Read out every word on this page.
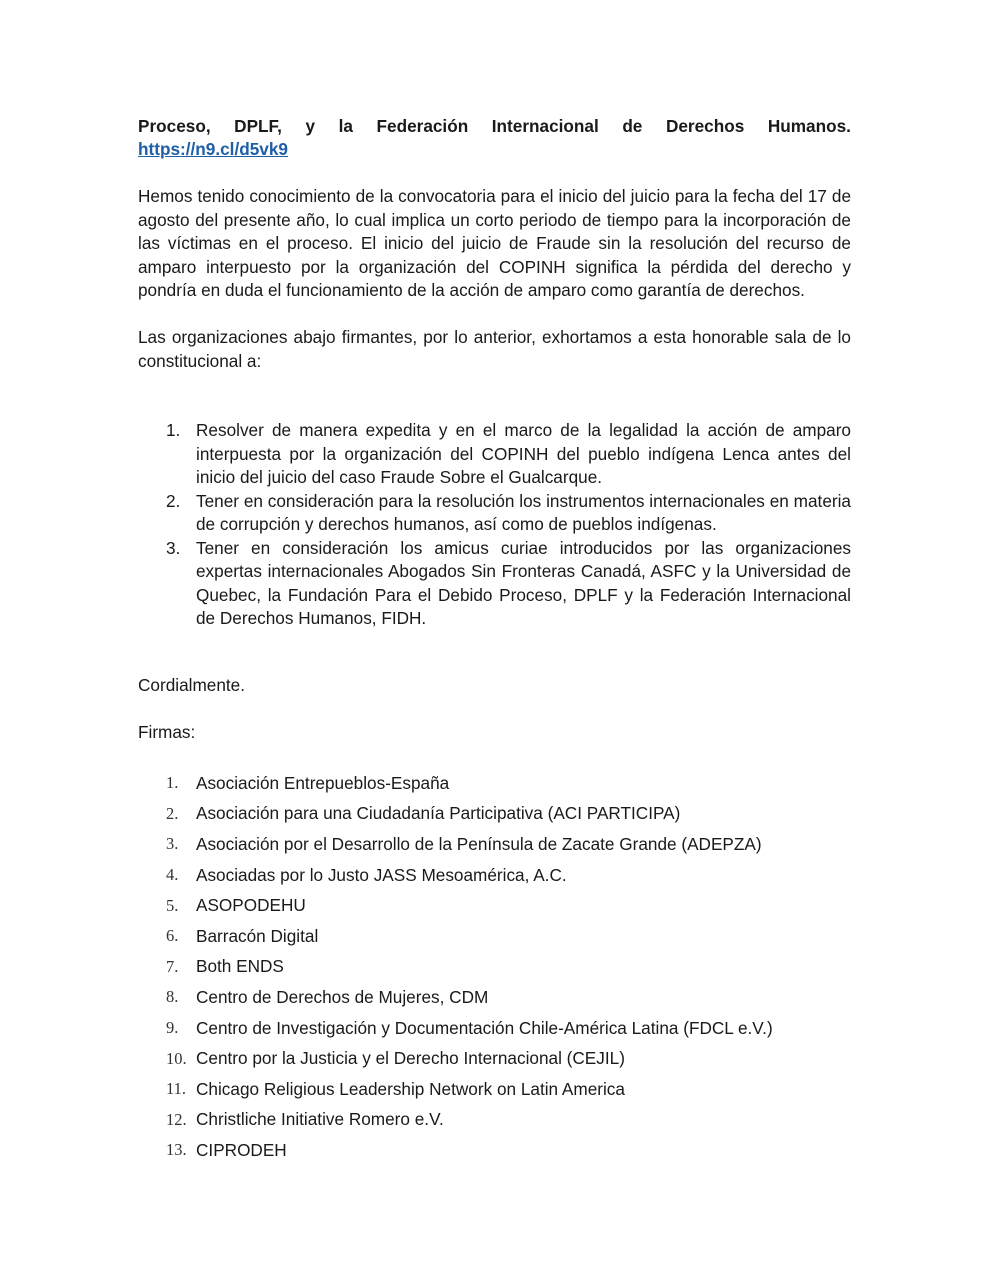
Proceso, DPLF, y la Federación Internacional de Derechos Humanos.
https://n9.cl/d5vk9

Hemos tenido conocimiento de la convocatoria para el inicio del juicio para la fecha del 17 de agosto del presente año, lo cual implica un corto periodo de tiempo para la incorporación de las víctimas en el proceso. El inicio del juicio de Fraude sin la resolución del recurso de amparo interpuesto por la organización del COPINH significa la pérdida del derecho y pondría en duda el funcionamiento de la acción de amparo como garantía de derechos.

Las organizaciones abajo firmantes, por lo anterior, exhortamos a esta honorable sala de lo constitucional a:

1. Resolver de manera expedita y en el marco de la legalidad la acción de amparo interpuesta por la organización del COPINH del pueblo indígena Lenca antes del inicio del juicio del caso Fraude Sobre el Gualcarque.
2. Tener en consideración para la resolución los instrumentos internacionales en materia de corrupción y derechos humanos, así como de pueblos indígenas.
3. Tener en consideración los amicus curiae introducidos por las organizaciones expertas internacionales Abogados Sin Fronteras Canadá, ASFC y la Universidad de Quebec, la Fundación Para el Debido Proceso, DPLF y la Federación Internacional de Derechos Humanos, FIDH.
Cordialmente.
Firmas:
1.	Asociación Entrepueblos-España
2.	Asociación para una Ciudadanía Participativa (ACI PARTICIPA)
3.	Asociación por el Desarrollo de la Península de Zacate Grande (ADEPZA)
4.	Asociadas por lo Justo JASS Mesoamérica, A.C.
5.	ASOPODEHU
6.	Barracón Digital
7.	Both ENDS
8.	Centro de Derechos de Mujeres, CDM
9.	Centro de Investigación y Documentación Chile-América Latina (FDCL e.V.)
10. Centro por la Justicia y el Derecho Internacional (CEJIL)
11. Chicago Religious Leadership Network on Latin America
12. Christliche Initiative Romero e.V.
13. CIPRODEH
